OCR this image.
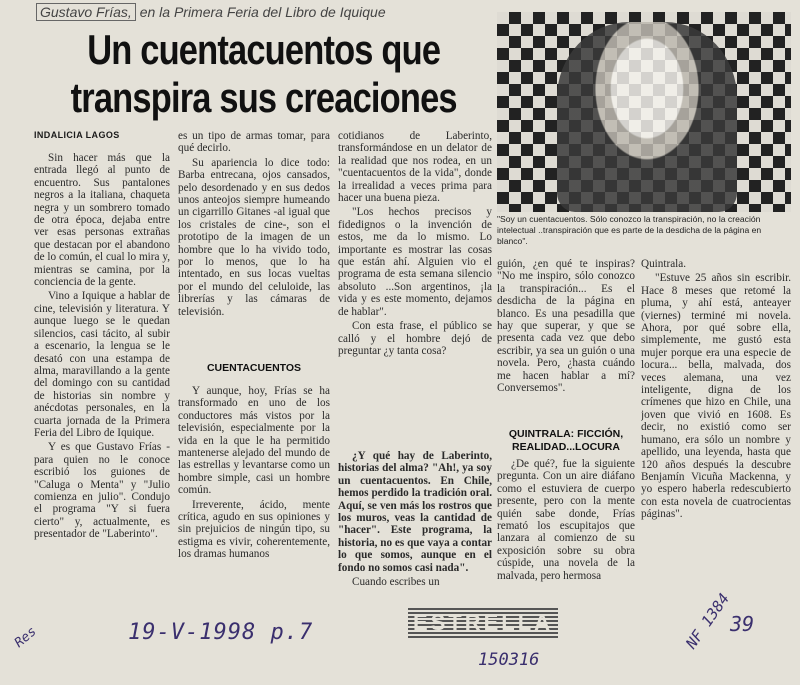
Gustavo Frías, en la Primera Feria del Libro de Iquique
Un cuentacuentos que
transpira sus creaciones
"Soy un cuentacuentos. Sólo conozco la transpiración, no la creación intelectual ..transpiración que es parte de la desdicha de la página en blanco".
INDALICIA LAGOS

Sin hacer más que la entrada llegó al punto de encuentro. Sus pantalones negros a la italiana, chaqueta negra y un sombrero tomado de otra época, dejaba entre ver esas personas extrañas que destacan por el abandono de lo común, el cual lo mira y, mientras se camina, por la conciencia de la gente.

Vino a Iquique a hablar de cine, televisión y literatura. Y aunque luego se le quedan silencios, casi tácito, al subir a escenario, la lengua se le desató con una estampa de alma, maravillando a la gente del domingo con su cantidad de historias sin nombre y anécdotas personales, en la cuarta jornada de la Primera Feria del Libro de Iquique.

Y es que Gustavo Frías - para quien no le conoce escribió los guiones de "Caluga o Menta" y "Julio comienza en julio". Condujo el programa "Y si fuera cierto" y, actualmente, es presentador de "Laberinto".

es un tipo de armas tomar, para qué decirlo.

Su apariencia lo dice todo: Barba entrecana, ojos cansados, pelo desordenado y en sus dedos unos anteojos siempre humeando un cigarrillo Gitanes -al igual que los cristales de cine-, son el prototipo de la imagen de un hombre que lo ha vivido todo, por lo menos, que lo ha intentado, en sus locas vueltas por el mundo del celuloide, las librerías y las cámaras de televisión.

CUENTACUENTOS

Y aunque, hoy, Frías se ha transformado en uno de los conductores más vistos por la televisión, especialmente por la vida en la que le ha permitido mantenerse alejado del mundo de las estrellas y levantarse como un hombre simple, casi un hombre común.

Irreverente, ácido, mente crítica, agudo en sus opiniones y sin prejuicios de ningún tipo, su estigma es vivir, coherentemente, los dramas humanos

cotidianos de Laberinto, transformándose en un delator de la realidad que nos rodea, en un "cuentacuentos de la vida", donde la irrealidad a veces prima para hacer una buena pieza.

"Los hechos precisos y fidedignos o la invención de estos, me da lo mismo. Lo importante es mostrar las cosas que están ahí. Alguien vio el programa de esta semana silencio absoluto ...Son argentinos, ¡la vida y es este momento, dejamos de hablar".

Con esta frase, el público se calló y el hombre dejó de preguntar ¿y tanta cosa?

¿Y qué hay de Laberinto, historias del alma? "Ah!, ya soy un cuentacuentos. En Chile, hemos perdido la tradición oral. Aquí, se ven más los rostros que los muros, veas la cantidad de "hacer". Este programa, la historia, no es que vaya a contar lo que somos, aunque en el fondo no somos casi nada".

Cuando escribes un

guión, ¿en qué te inspiras? "No me inspiro, sólo conozco la transpiración... Es el desdicha de la página en blanco. Es una pesadilla que hay que superar, y que se presenta cada vez que debo escribir, ya sea un guión o una novela. Pero, ¿hasta cuándo me hacen hablar a mí? Conversemos".

QUINTRALA: FICCIÓN, REALIDAD...LOCURA

¿De qué?, fue la siguiente pregunta. Con un aire diáfano como el estuviera de cuerpo presente, pero con la mente quién sabe donde, Frías remató los escupitajos que lanzara al comienzo de su exposición sobre su obra cúspide, una novela de la malvada, pero hermosa

Quintrala.

"Estuve 25 años sin escribir. Hace 8 meses que retomé la pluma, y ahí está, anteayer (viernes) terminé mi novela. Ahora, por qué sobre ella, simplemente, me gustó esta mujer porque era una especie de locura... bella, malvada, dos veces alemana, una vez inteligente, digna de los crímenes que hizo en Chile, una joven que vivió en 1608. Es decir, no existió como ser humano, era sólo un nombre y apellido, una leyenda, hasta que 120 años después la descubre Benjamín Vicuña Mackenna, y yo espero haberla redescubierto con esta novela de cuatrocientas páginas".

ESTRELLA
Res	19-V-1998 p.7
150316
NF 1384
39
